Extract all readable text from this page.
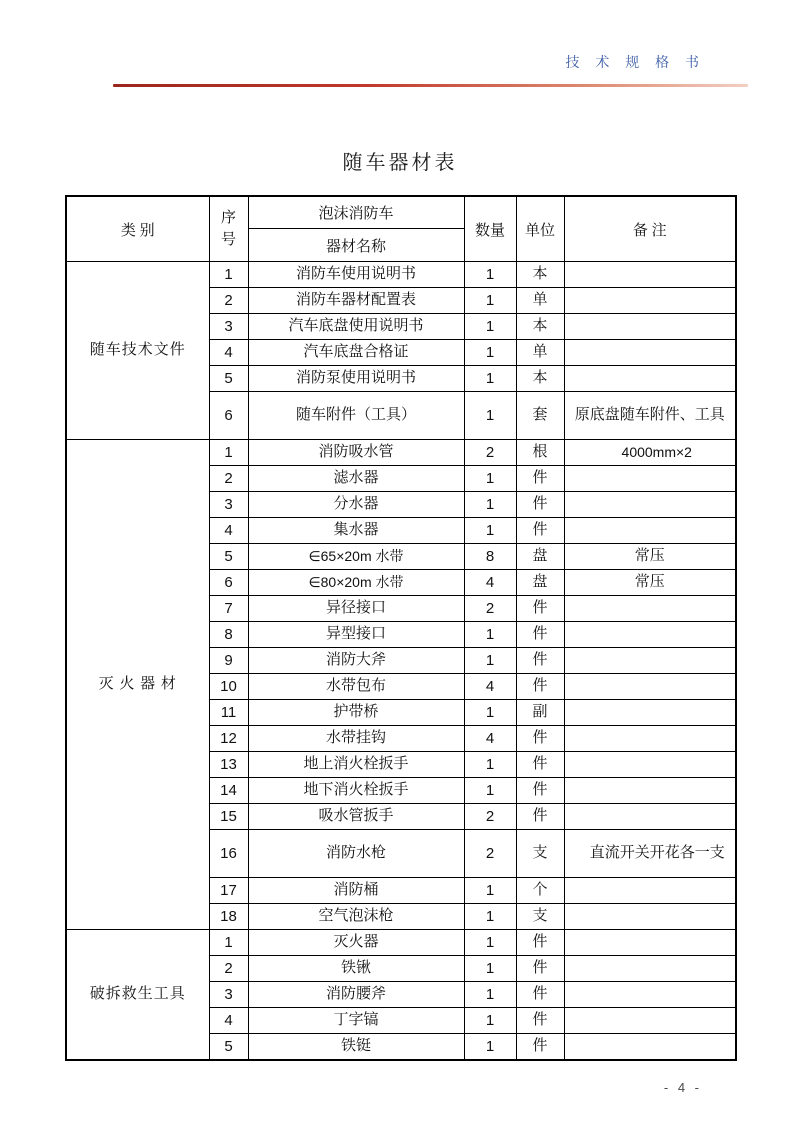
技 术 规 格 书
随车器材表
类 别	序号	泡沫消防车	数量	单位	备 注
		器材名称			
随车技术文件	1	消防车使用说明书	1	本	
	2	消防车器材配置表	1	单	
	3	汽车底盘使用说明书	1	本	
	4	汽车底盘合格证	1	单	
	5	消防泵使用说明书	1	本	
	6	随车附件（工具）	1	套	原底盘随车附件、工具
灭 火 器 材	1	消防吸水管	2	根	4000mm×2
	2	滤水器	1	件	
	3	分水器	1	件	
	4	集水器	1	件	
	5	∈65×20m 水带	8	盘	常压
	6	∈80×20m 水带	4	盘	常压
	7	异径接口	2	件	
	8	异型接口	1	件	
	9	消防大斧	1	件	
	10	水带包布	4	件	
	11	护带桥	1	副	
	12	水带挂钩	4	件	
	13	地上消火栓扳手	1	件	
	14	地下消火栓扳手	1	件	
	15	吸水管扳手	2	件	
	16	消防水枪	2	支	直流开关开花各一支
	17	消防桶	1	个	
	18	空气泡沫枪	1	支	
破拆救生工具	1	灭火器	1	件	
	2	铁锹	1	件	
	3	消防腰斧	1	件	
	4	丁字镐	1	件	
	5	铁铤	1	件	
- 4 -
